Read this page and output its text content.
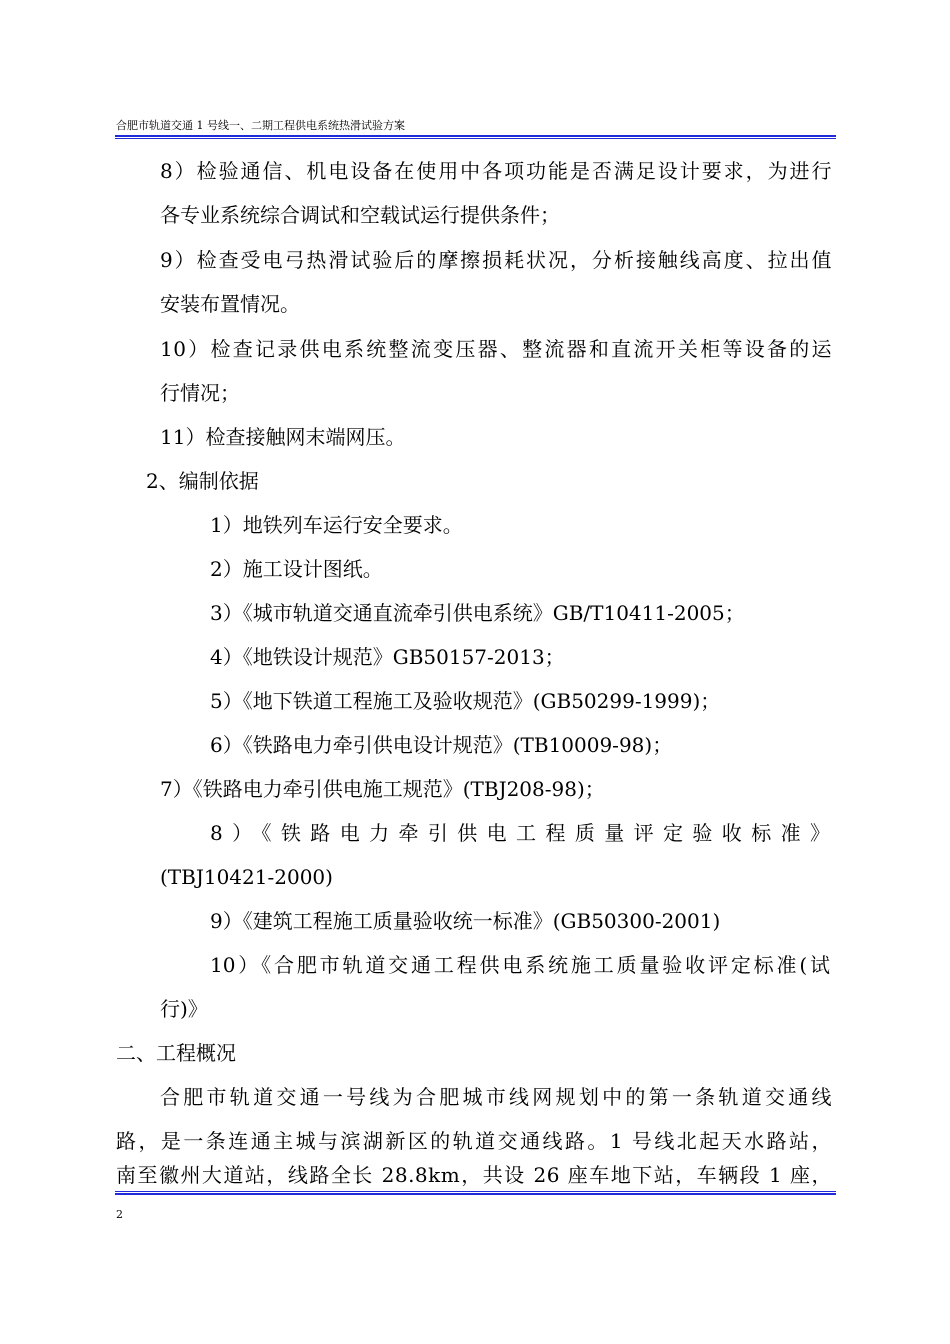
合肥市轨道交通 1 号线一、二期工程供电系统热滑试验方案
8）检验通信、机电设备在使用中各项功能是否满足设计要求，为进行
各专业系统综合调试和空载试运行提供条件；
9）检查受电弓热滑试验后的摩擦损耗状况，分析接触线高度、拉出值
安装布置情况。
10）检查记录供电系统整流变压器、整流器和直流开关柜等设备的运
行情况；
11）检查接触网末端网压。
2、编制依据
1）地铁列车运行安全要求。
2）施工设计图纸。
3）《城市轨道交通直流牵引供电系统》GB/T10411-2005；
4）《地铁设计规范》GB50157-2013；
5）《地下铁道工程施工及验收规范》(GB50299-1999)；
6）《铁路电力牵引供电设计规范》(TB10009-98)；
7）《铁路电力牵引供电施工规范》(TBJ208-98)；
8）《铁路电力牵引供电工程质量评定验收标准》
(TBJ10421-2000)
9）《建筑工程施工质量验收统一标准》(GB50300-2001)
10）《合肥市轨道交通工程供电系统施工质量验收评定标准(试
行)》
二、工程概况
合肥市轨道交通一号线为合肥城市线网规划中的第一条轨道交通线
路，是一条连通主城与滨湖新区的轨道交通线路。1 号线北起天水路站，
南至徽州大道站，线路全长 28.8km，共设 26 座车地下站，车辆段 1 座，
2
